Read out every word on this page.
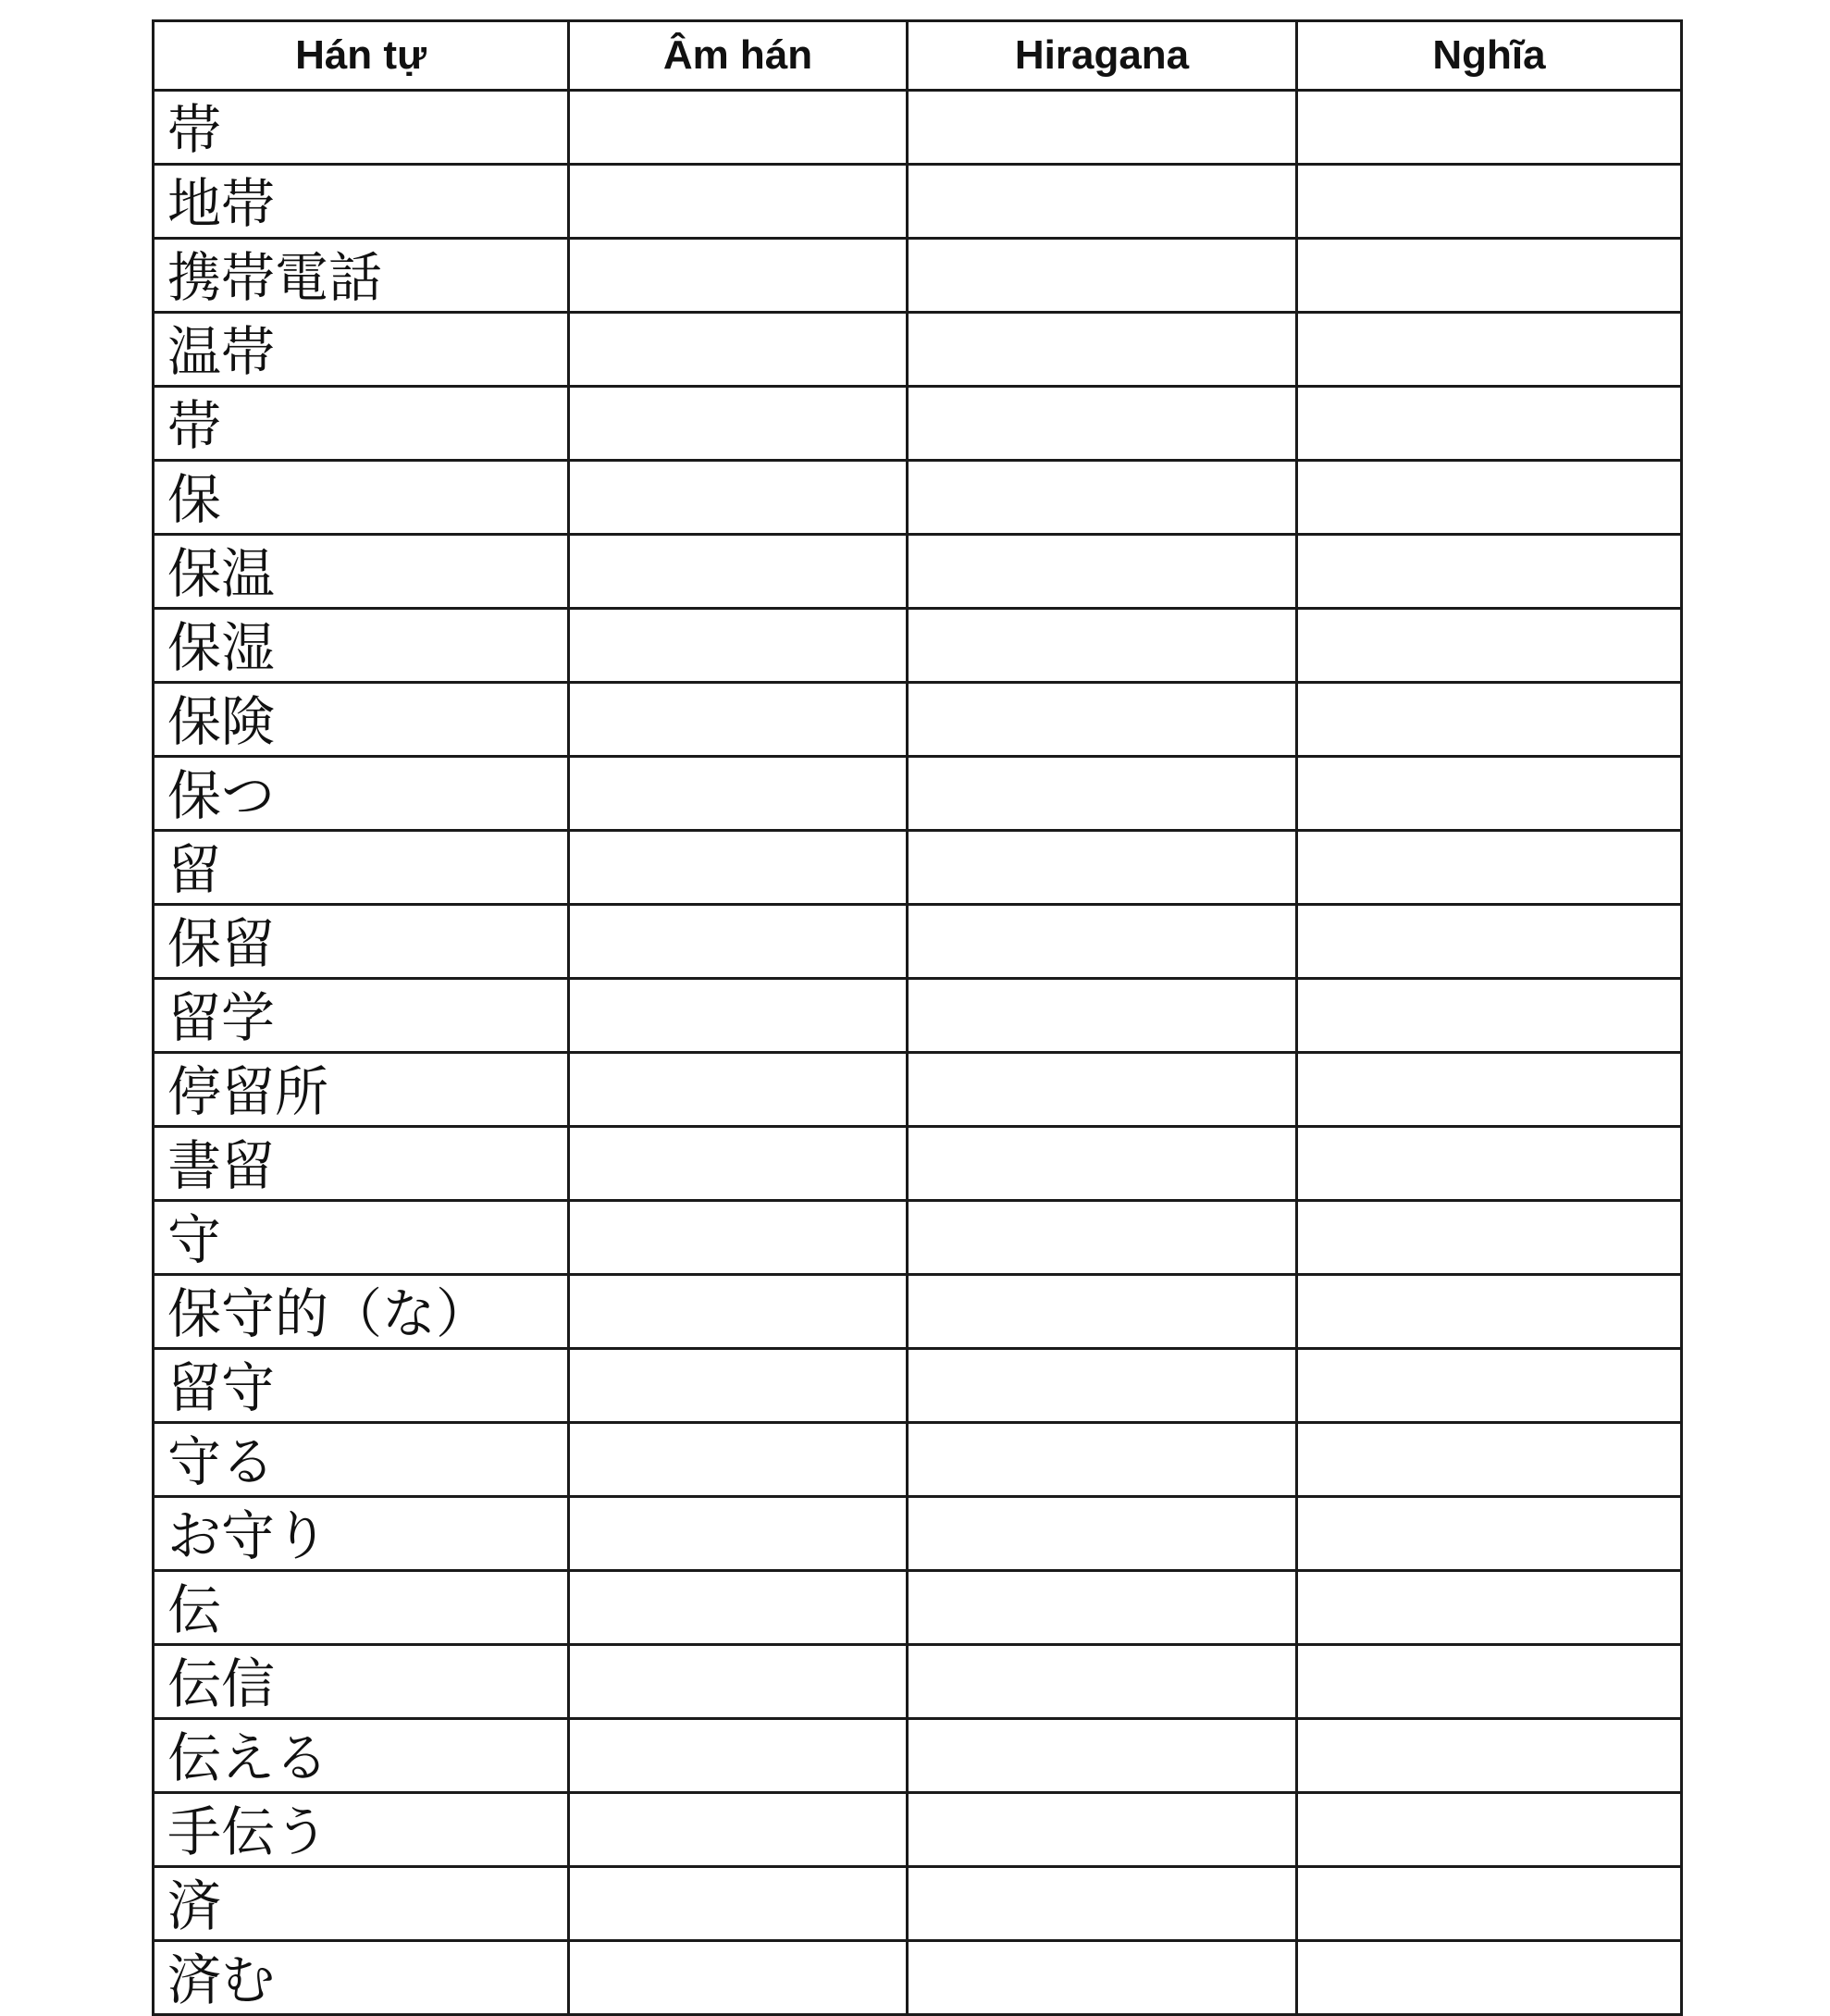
Hán tự	Âm hán	Hiragana	Nghĩa

帯			

地帯			

携帯電話			

温帯			

帯			

保			

保温			

保湿			

保険			

保つ			

留			

保留			

留学			

停留所			

書留			

守			

保守的（な）			

留守			

守る			

お守り			

伝			

伝信			

伝える			

手伝う			

済			

済む			
